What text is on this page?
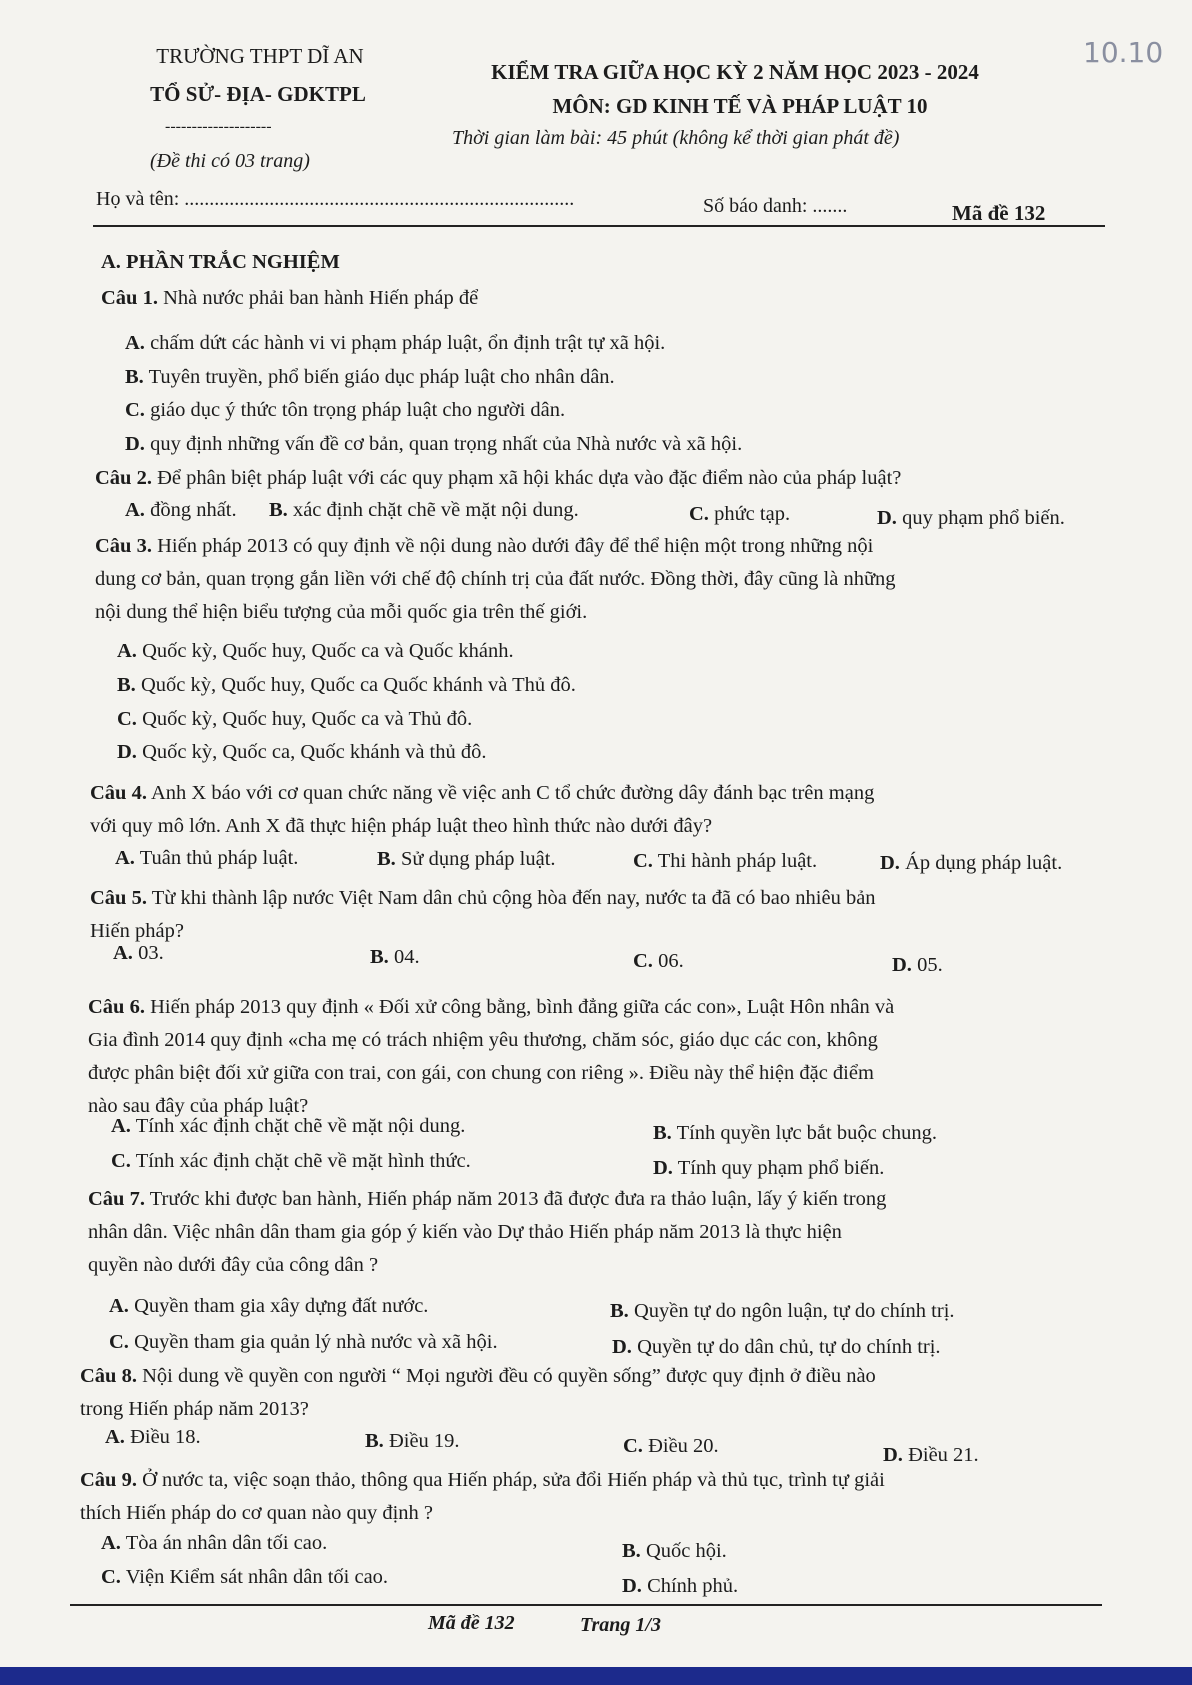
TRƯỜNG THPT DĨ AN
TỔ SỬ- ĐỊA- GDKTPL
--------------------
(Đề thi có 03 trang)
KIỂM TRA GIỮA HỌC KỲ 2 NĂM HỌC 2023 - 2024
MÔN: GD KINH TẾ VÀ PHÁP LUẬT 10
Thời gian làm bài: 45 phút (không kể thời gian phát đề)
10.10
Họ và tên: ..............................................................................	Số báo danh: .......	Mã đề 132
A. PHẦN TRẮC NGHIỆM
Câu 1. Nhà nước phải ban hành Hiến pháp để
A. chấm dứt các hành vi vi phạm pháp luật, ổn định trật tự xã hội.
B. Tuyên truyền, phổ biến giáo dục pháp luật cho nhân dân.
C. giáo dục ý thức tôn trọng pháp luật cho người dân.
D. quy định những vấn đề cơ bản, quan trọng nhất của Nhà nước và xã hội.
Câu 2. Để phân biệt pháp luật với các quy phạm xã hội khác dựa vào đặc điểm nào của pháp luật?
A. đồng nhất. B. xác định chặt chẽ về mặt nội dung.	C. phức tạp.	D. quy phạm phổ biến.
Câu 3. Hiến pháp 2013 có quy định về nội dung nào dưới đây để thể hiện một trong những nội
dung cơ bản, quan trọng gắn liền với chế độ chính trị của đất nước. Đồng thời, đây cũng là những
nội dung thể hiện biểu tượng của mỗi quốc gia trên thế giới.
A. Quốc kỳ, Quốc huy, Quốc ca và Quốc khánh.
B. Quốc kỳ, Quốc huy, Quốc ca Quốc khánh và Thủ đô.
C. Quốc kỳ, Quốc huy, Quốc ca và Thủ đô.
D. Quốc kỳ, Quốc ca, Quốc khánh và thủ đô.
Câu 4. Anh X báo với cơ quan chức năng về việc anh C tổ chức đường dây đánh bạc trên mạng
với quy mô lớn. Anh X đã thực hiện pháp luật theo hình thức nào dưới đây?
A. Tuân thủ pháp luật.	B. Sử dụng pháp luật.	C. Thi hành pháp luật.	D. Áp dụng pháp luật.
Câu 5. Từ khi thành lập nước Việt Nam dân chủ cộng hòa đến nay, nước ta đã có bao nhiêu bản
Hiến pháp?
A. 03.	B. 04.	C. 06.	D. 05.
Câu 6. Hiến pháp 2013 quy định « Đối xử công bằng, bình đẳng giữa các con», Luật Hôn nhân và
Gia đình 2014 quy định «cha mẹ có trách nhiệm yêu thương, chăm sóc, giáo dục các con, không
được phân biệt đối xử giữa con trai, con gái, con chung con riêng ». Điều này thể hiện đặc điểm
nào sau đây của pháp luật?
A. Tính xác định chặt chẽ về mặt nội dung.	B. Tính quyền lực bắt buộc chung.
C. Tính xác định chặt chẽ về mặt hình thức.	D. Tính quy phạm phổ biến.
Câu 7. Trước khi được ban hành, Hiến pháp năm 2013 đã được đưa ra thảo luận, lấy ý kiến trong
nhân dân. Việc nhân dân tham gia góp ý kiến vào Dự thảo Hiến pháp năm 2013 là thực hiện
quyền nào dưới đây của công dân ?
A. Quyền tham gia xây dựng đất nước.	B. Quyền tự do ngôn luận, tự do chính trị.
C. Quyền tham gia quản lý nhà nước và xã hội.	D. Quyền tự do dân chủ, tự do chính trị.
Câu 8. Nội dung về quyền con người “ Mọi người đều có quyền sống” được quy định ở điều nào
trong Hiến pháp năm 2013?
A. Điều 18.	B. Điều 19.	C. Điều 20.	D. Điều 21.
Câu 9. Ở nước ta, việc soạn thảo, thông qua Hiến pháp, sửa đổi Hiến pháp và thủ tục, trình tự giải
thích Hiến pháp do cơ quan nào quy định ?
A. Tòa án nhân dân tối cao.	B. Quốc hội.
C. Viện Kiểm sát nhân dân tối cao.	D. Chính phủ.
Mã đề 132	Trang 1/3
